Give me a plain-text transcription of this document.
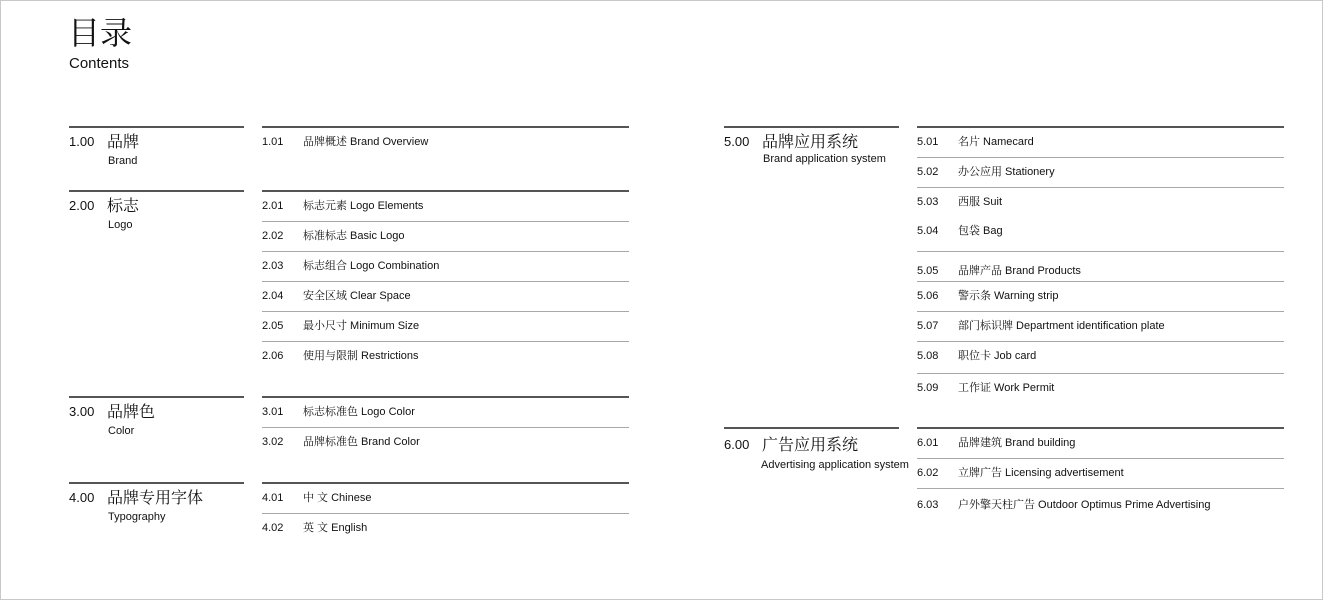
目录
Contents
1.00 品牌
Brand
1.01 品牌概述 Brand Overview
2.00 标志
Logo
2.01 标志元素 Logo Elements
2.02 标准标志 Basic Logo
2.03 标志组合 Logo Combination
2.04 安全区域 Clear Space
2.05 最小尺寸 Minimum Size
2.06 使用与限制 Restrictions
3.00 品牌色
Color
3.01 标志标准色 Logo Color
3.02 品牌标准色 Brand Color
4.00 品牌专用字体
Typography
4.01 中 文 Chinese
4.02 英 文 English
5.00 品牌应用系统
Brand application system
5.01 名片 Namecard
5.02 办公应用 Stationery
5.03 西服 Suit
5.04 包袋 Bag
5.05 品牌产品 Brand Products
5.06 警示条 Warning strip
5.07 部门标识牌 Department identification plate
5.08 职位卡 Job card
5.09 工作证 Work Permit
6.00 广告应用系统
Advertising application system
6.01 品牌建筑 Brand building
6.02 立牌广告 Licensing advertisement
6.03 户外擎天柱广告 Outdoor Optimus Prime Advertising
